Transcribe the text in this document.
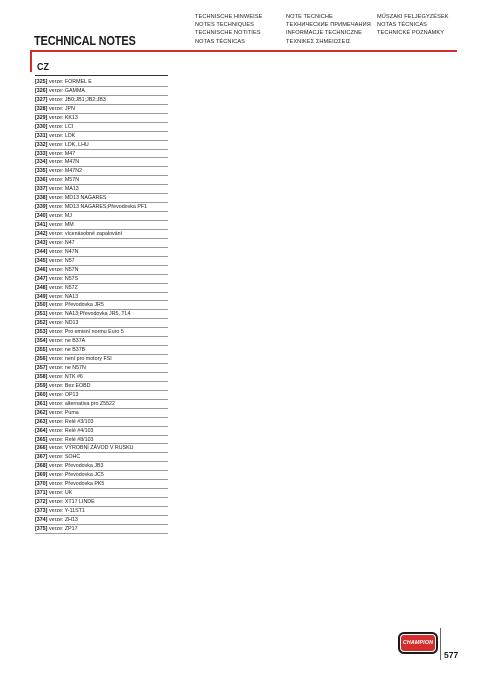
TECHNISCHE HINWEISE
NOTES TECHNIQUES
TECHNISCHE NOTITIES
NOTAS TÉCNICAS
NOTE TECNICHE
ТЕХНИЧЕСКИЕ ПРИМЕЧАНИЯ
INFORMACJE TECHNICZNE
ΤΕΧΝΙΚΕΣ ΣΗΜΕΙΩΣΕΙΣ
MŰSZAKI FELJEGYZÉSEK
NOTAS TÉCNICAS
TECHNICKÉ POZNÁMKY
TECHNICAL NOTES
CZ
[325] verze: FORMEL E
[326] verze: GAMMA
[327] verze: JB0;JB1;JB2;JB3
[328] verze: JPN
[329] verze: KK13
[330] verze: LCI
[331] verze: LDK
[332] verze: LDK, LHU
[333] verze: M47
[334] verze: M47N
[335] verze: M47N2
[336] verze: M57N
[337] verze: MA13
[338] verze: MD13 NAGARES
[339] verze: MD13 NAGARES;Převodovka PF1
[340] verze: MJ
[341] verze: MM
[342] verze: vícenásobné zapalování
[343] verze: N47
[344] verze: N47N
[345] verze: N57
[346] verze: N57N
[347] verze: N57S
[348] verze: N57Z
[349] verze: NA13
[350] verze: Převodovka JR5
[351] verze: NA13;Převodovka JR5, TL4
[352] verze: ND13
[353] verze: Pro emisní normu Euro 5
[354] verze: ne B37A
[355] verze: ne B37B
[356] verze: není pro motory FSI
[357] verze: ne N57N
[358] verze: NTK #6
[359] verze: Bez EOBD
[360] verze: OP13
[361] verze: alternativa pro Z5522
[362] verze: Puma
[363] verze: Relé #3/103
[364] verze: Relé #4/103
[365] verze: Relé #8/103
[366] verze: VÝROBNÍ ZÁVOD V RUSKU
[367] verze: SOHC
[368] verze: Převodovka JB3
[369] verze: Převodovka JC5
[370] verze: Převodovka PK5
[371] verze: UK
[372] verze: XT17 LINDE
[373] verze: Y-11ST1
[374] verze: ZH13
[375] verze: ZP17
CHAMPION
577
